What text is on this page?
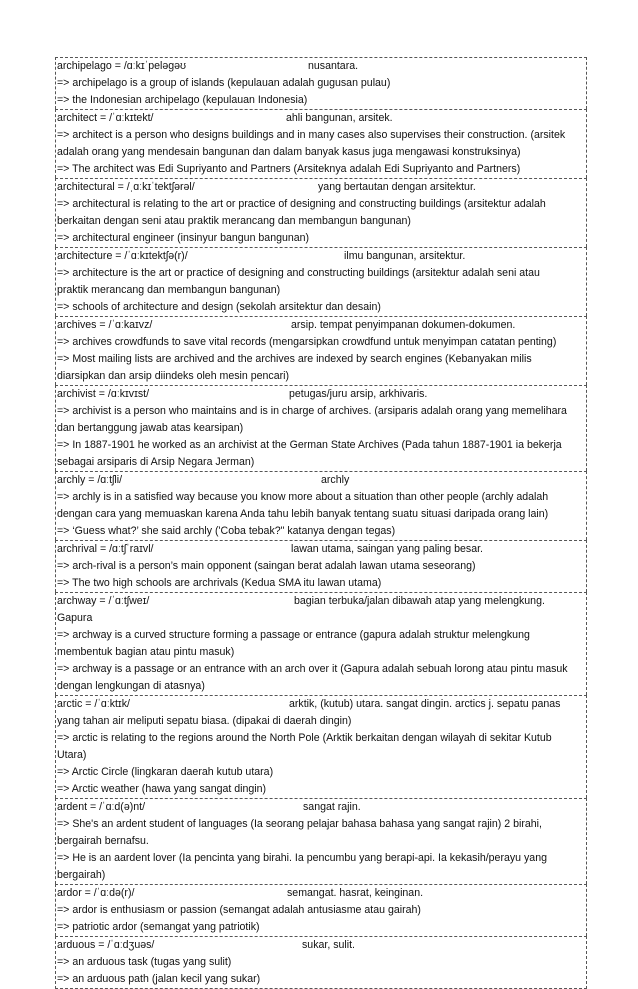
archipelago = /ɑːkɪˈpeləgəʊ	nusantara.
=> archipelago is a group of islands (kepulauan adalah gugusan pulau)
=> the Indonesian archipelago (kepulauan Indonesia)
architect = /ˈɑːkɪtekt/	ahli bangunan, arsitek.
=> architect is a person who designs buildings and in many cases also supervises their construction. (arsitek
adalah orang yang mendesain bangunan dan dalam banyak kasus juga mengawasi konstruksinya)
=> The architect was Edi Supriyanto and Partners (Arsiteknya adalah Edi Supriyanto and Partners)
architectural = /ˌɑːkɪˈtektʃərəl/	yang bertautan dengan arsitektur.
=> architectural is relating to the art or practice of designing and constructing buildings (arsitektur adalah
berkaitan dengan seni atau praktik merancang dan membangun bangunan)
=> architectural engineer (insinyur bangun bangunan)
architecture = /ˈɑːkɪtektʃə(r)/	ilmu bangunan, arsitektur.
=> architecture is the art or practice of designing and constructing buildings (arsitektur adalah seni atau
praktik merancang dan membangun bangunan)
=> schools of architecture and design (sekolah arsitektur dan desain)
archives = /ˈɑːkaɪvz/	arsip. tempat penyimpanan dokumen-dokumen.
=> archives crowdfunds to save vital records (mengarsipkan crowdfund untuk menyimpan catatan penting)
=> Most mailing lists are archived and the archives are indexed by search engines (Kebanyakan milis
diarsipkan dan arsip diindeks oleh mesin pencari)
archivist = /ɑːkɪvɪst/	petugas/juru arsip, arkhivaris.
=> archivist is a person who maintains and is in charge of archives. (arsiparis adalah orang yang memelihara
dan bertanggung jawab atas kearsipan)
=> In 1887-1901 he worked as an archivist at the German State Archives (Pada tahun 1887-1901 ia bekerja
sebagai arsiparis di Arsip Negara Jerman)
archly = /ɑːtʃli/	archly
=> archly is in a satisfied way because you know more about a situation than other people (archly adalah
dengan cara yang memuaskan karena Anda tahu lebih banyak tentang suatu situasi daripada orang lain)
=> ‘Guess what?’ she said archly ('Coba tebak?" katanya dengan tegas)
archrival = /ɑːtʃˈraɪvl/	lawan utama, saingan yang paling besar.
=> arch-rival is a person’s main opponent (saingan berat adalah lawan utama seseorang)
=> The two high schools are archrivals (Kedua SMA itu lawan utama)
archway = /ˈɑːtʃweɪ/	bagian terbuka/jalan dibawah atap yang melengkung.
Gapura
=> archway is a curved structure forming a passage or entrance (gapura adalah struktur melengkung
membentuk bagian atau pintu masuk)
=> archway is a passage or an entrance with an arch over it (Gapura adalah sebuah lorong atau pintu masuk
dengan lengkungan di atasnya)
arctic = /ˈɑːktɪk/	arktik, (kutub) utara. sangat dingin. arctics j. sepatu panas
yang tahan air meliputi sepatu biasa. (dipakai di daerah dingin)
=> arctic is relating to the regions around the North Pole (Arktik berkaitan dengan wilayah di sekitar Kutub
Utara)
=> Arctic Circle (lingkaran daerah kutub utara)
=> Arctic weather (hawa yang sangat dingin)
ardent = /ˈɑːd(ə)nt/	sangat rajin.
=> She's an ardent student of languages (Ia seorang pelajar bahasa bahasa yang sangat rajin) 2 birahi,
bergairah bernafsu.
=> He is an aardent lover (Ia pencinta yang birahi. Ia pencumbu yang berapi-api. Ia kekasih/perayu yang
bergairah)
ardor = /ˈɑːdə(r)/	semangat. hasrat, keinginan.
=> ardor is enthusiasm or passion (semangat adalah antusiasme atau gairah)
=> patriotic ardor (semangat yang patriotik)
arduous = /ˈɑːdʒuəs/	sukar, sulit.
=> an arduous task (tugas yang sulit)
=> an arduous path (jalan kecil yang sukar)
